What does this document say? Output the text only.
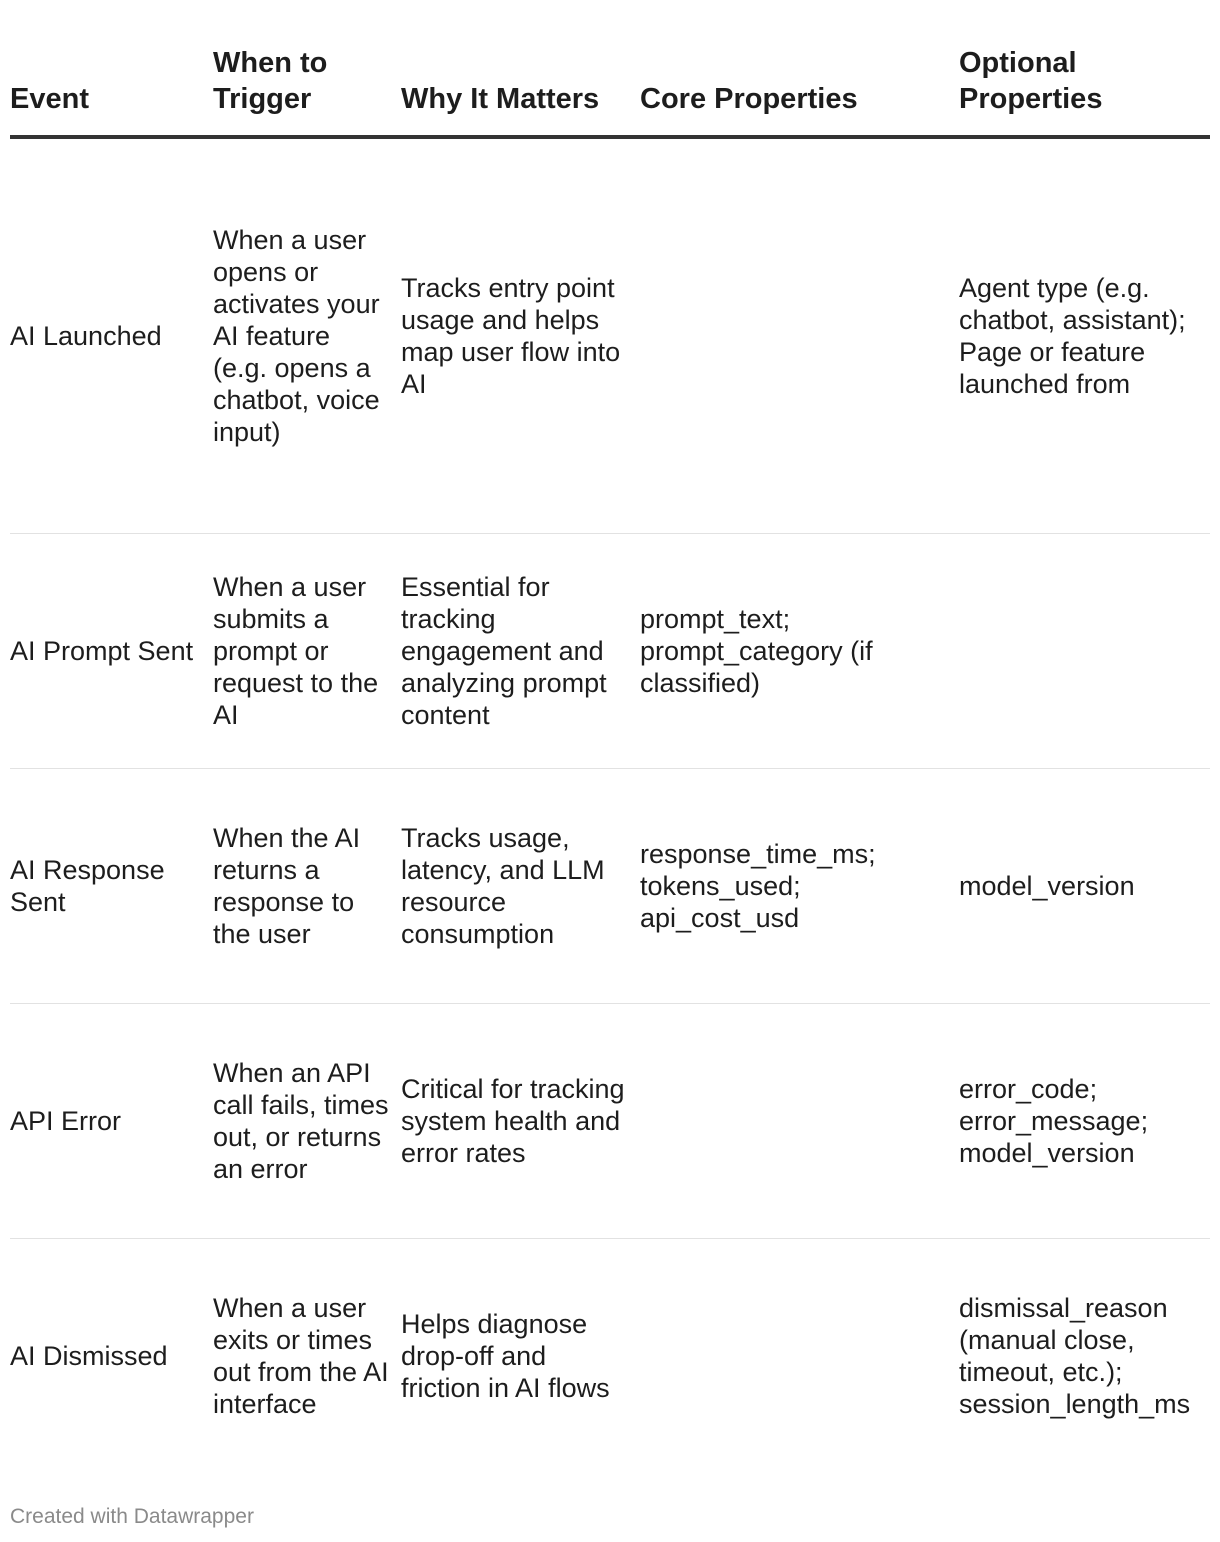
Event	When to Trigger	Why It Matters	Core Properties	Optional Properties
AI Launched	When a user opens or activates your AI feature (e.g. opens a chatbot, voice input)	Tracks entry point usage and helps map user flow into AI		Agent type (e.g. chatbot, assistant); Page or feature launched from
AI Prompt Sent	When a user submits a prompt or request to the AI	Essential for tracking engagement and analyzing prompt content	prompt_text; prompt_category (if classified)	
AI Response Sent	When the AI returns a response to the user	Tracks usage, latency, and LLM resource consumption	response_time_ms; tokens_used; api_cost_usd	model_version
API Error	When an API call fails, times out, or returns an error	Critical for tracking system health and error rates		error_code; error_message; model_version
AI Dismissed	When a user exits or times out from the AI interface	Helps diagnose drop-off and friction in AI flows		dismissal_reason (manual close, timeout, etc.); session_length_ms
Created with Datawrapper
